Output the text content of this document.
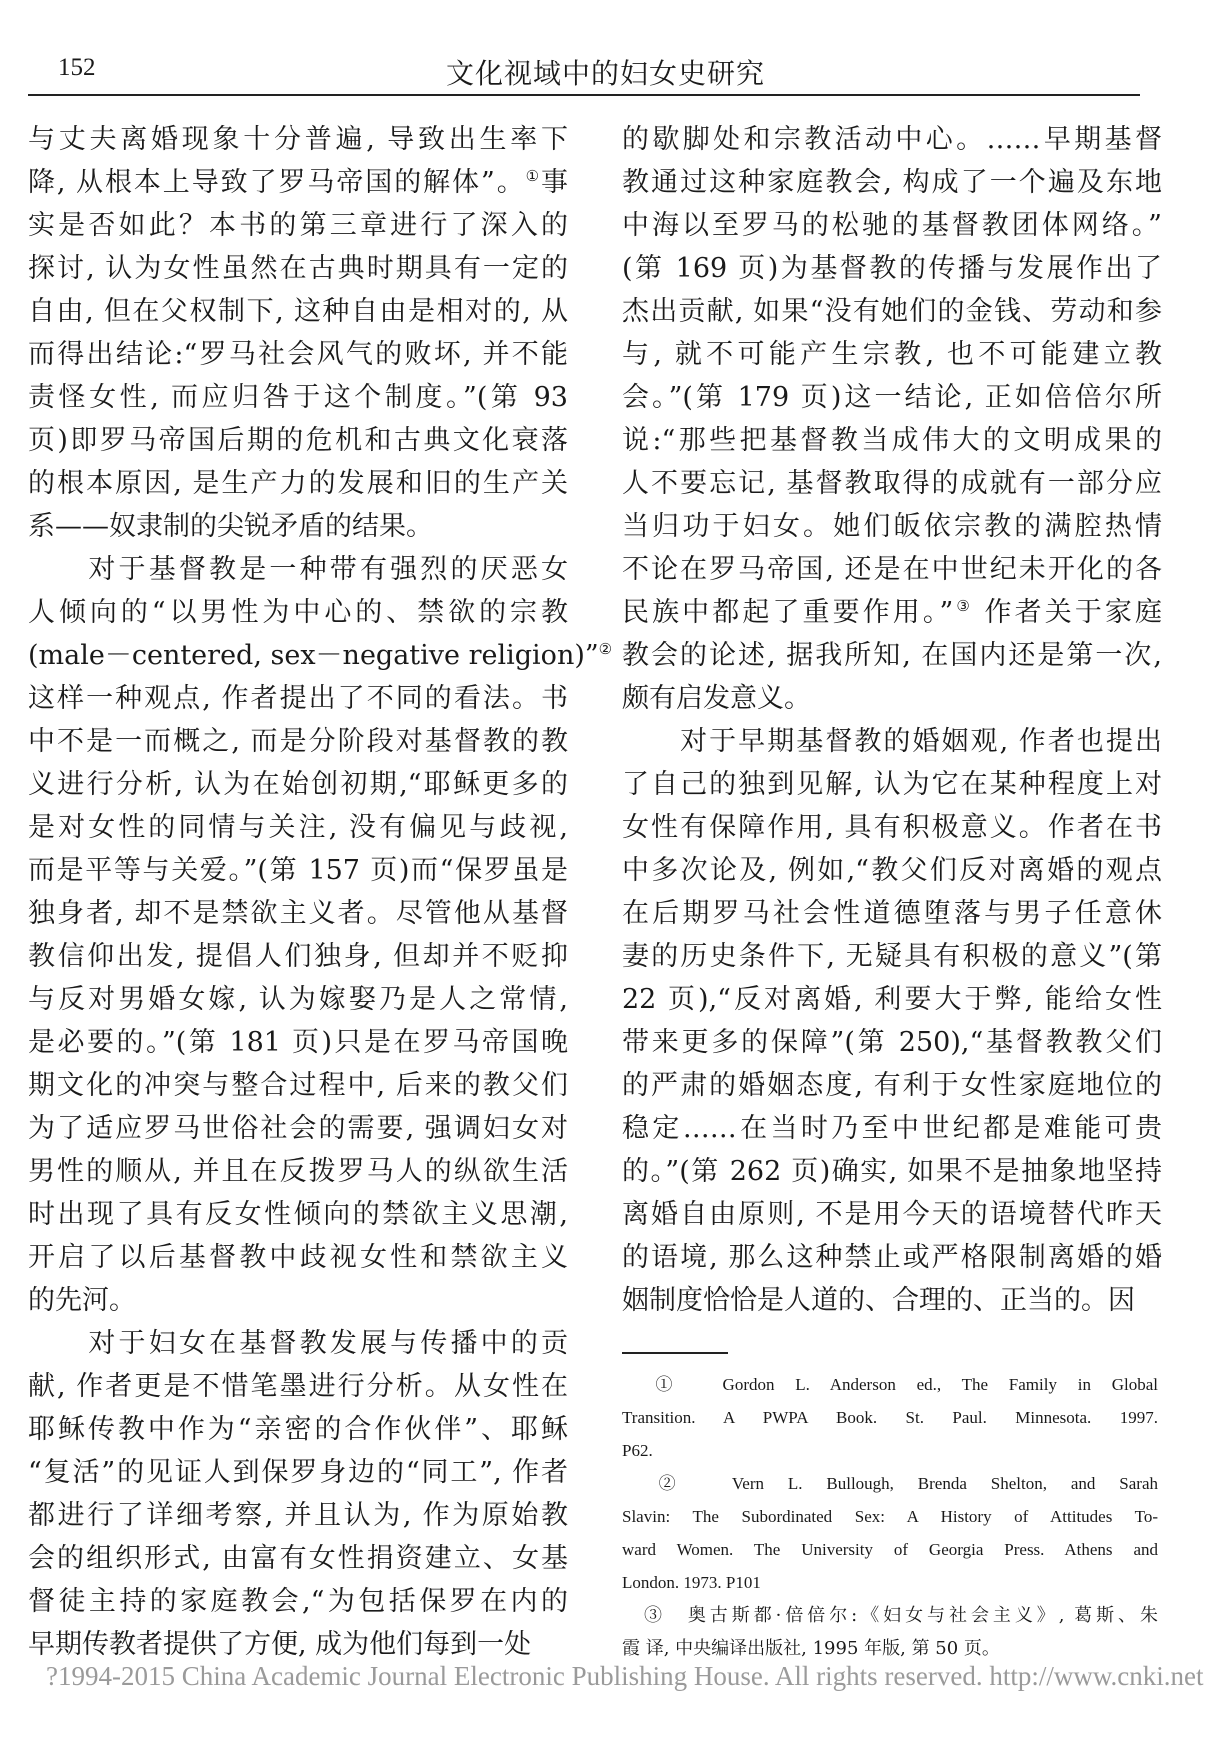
152	文化视域中的妇女史研究
与丈夫离婚现象十分普遍, 导致出生率下
降, 从根本上导致了罗马帝国的解体”。①事
实是否如此？本书的第三章进行了深入的
探讨, 认为女性虽然在古典时期具有一定的
自由, 但在父权制下, 这种自由是相对的, 从
而得出结论:“罗马社会风气的败坏, 并不能
责怪女性, 而应归咎于这个制度。”(第 93
页)即罗马帝国后期的危机和古典文化衰落
的根本原因, 是生产力的发展和旧的生产关
系——奴隶制的尖锐矛盾的结果。
　　对于基督教是一种带有强烈的厌恶女
人倾向的“以男性为中心的、禁欲的宗教
(male－centered, sex－negative religion)”②
这样一种观点, 作者提出了不同的看法。书
中不是一而概之, 而是分阶段对基督教的教
义进行分析, 认为在始创初期,“耶稣更多的
是对女性的同情与关注, 没有偏见与歧视,
而是平等与关爱。”(第 157 页)而“保罗虽是
独身者, 却不是禁欲主义者。尽管他从基督
教信仰出发, 提倡人们独身, 但却并不贬抑
与反对男婚女嫁, 认为嫁娶乃是人之常情,
是必要的。”(第 181 页)只是在罗马帝国晚
期文化的冲突与整合过程中, 后来的教父们
为了适应罗马世俗社会的需要, 强调妇女对
男性的顺从, 并且在反拨罗马人的纵欲生活
时出现了具有反女性倾向的禁欲主义思潮,
开启了以后基督教中歧视女性和禁欲主义
的先河。
　　对于妇女在基督教发展与传播中的贡
献, 作者更是不惜笔墨进行分析。从女性在
耶稣传教中作为“亲密的合作伙伴”、耶稣
“复活”的见证人到保罗身边的“同工”, 作者
都进行了详细考察, 并且认为, 作为原始教
会的组织形式, 由富有女性捐资建立、女基
督徒主持的家庭教会,“为包括保罗在内的
早期传教者提供了方便, 成为他们每到一处
的歇脚处和宗教活动中心。……早期基督
教通过这种家庭教会, 构成了一个遍及东地
中海以至罗马的松驰的基督教团体网络。”
(第 169 页)为基督教的传播与发展作出了
杰出贡献, 如果“没有她们的金钱、劳动和参
与, 就不可能产生宗教, 也不可能建立教
会。”(第 179 页)这一结论, 正如倍倍尔所
说:“那些把基督教当成伟大的文明成果的
人不要忘记, 基督教取得的成就有一部分应
当归功于妇女。她们皈依宗教的满腔热情
不论在罗马帝国, 还是在中世纪未开化的各
民族中都起了重要作用。”③ 作者关于家庭
教会的论述, 据我所知, 在国内还是第一次,
颇有启发意义。
　　对于早期基督教的婚姻观, 作者也提出
了自己的独到见解, 认为它在某种程度上对
女性有保障作用, 具有积极意义。作者在书
中多次论及, 例如,“教父们反对离婚的观点
在后期罗马社会性道德堕落与男子任意休
妻的历史条件下, 无疑具有积极的意义”(第
22 页),“反对离婚, 利要大于弊, 能给女性
带来更多的保障”(第 250),“基督教教父们
的严肃的婚姻态度, 有利于女性家庭地位的
稳定……在当时乃至中世纪都是难能可贵
的。”(第 262 页)确实, 如果不是抽象地坚持
离婚自由原则, 不是用今天的语境替代昨天
的语境, 那么这种禁止或严格限制离婚的婚
姻制度恰恰是人道的、合理的、正当的。因
　①　Gordon L. Anderson ed., The Family in Global
Transition. A PWPA Book. St. Paul. Minnesota. 1997.
P62.
　②　Vern L. Bullough, Brenda Shelton, and Sarah
Slavin: The Subordinated Sex: A History of Attitudes To-
ward Women. The University of Georgia Press. Athens and
London. 1973. P101
　③　奥古斯都·倍倍尔:《妇女与社会主义》, 葛斯、朱
霞 译, 中央编译出版社, 1995 年版, 第 50 页。
?1994-2015 China Academic Journal Electronic Publishing House. All rights reserved. http://www.cnki.net
